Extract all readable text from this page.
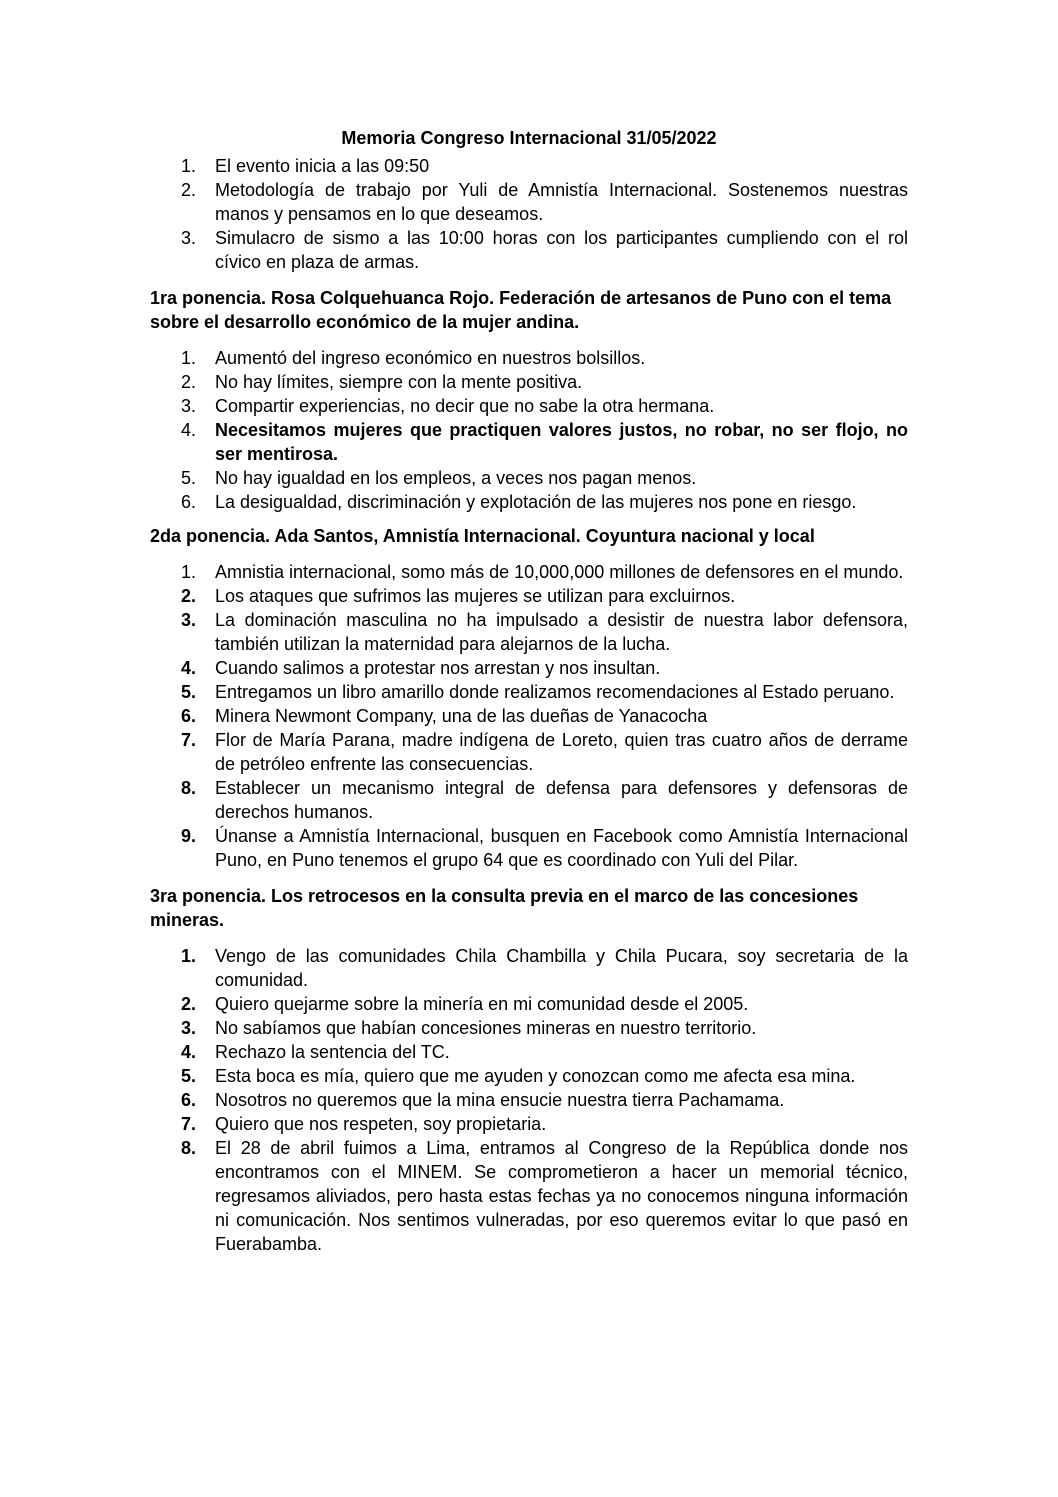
Memoria Congreso Internacional 31/05/2022
1. El evento inicia a las 09:50
2. Metodología de trabajo por Yuli de Amnistía Internacional. Sostenemos nuestras manos y pensamos en lo que deseamos.
3. Simulacro de sismo a las 10:00 horas con los participantes cumpliendo con el rol cívico en plaza de armas.

1ra ponencia. Rosa Colquehuanca Rojo. Federación de artesanos de Puno con el tema sobre el desarrollo económico de la mujer andina.

1. Aumentó del ingreso económico en nuestros bolsillos.
2. No hay límites, siempre con la mente positiva.
3. Compartir experiencias, no decir que no sabe la otra hermana.
4. Necesitamos mujeres que practiquen valores justos, no robar, no ser flojo, no ser mentirosa.
5. No hay igualdad en los empleos, a veces nos pagan menos.
6. La desigualdad, discriminación y explotación de las mujeres nos pone en riesgo.

2da ponencia. Ada Santos, Amnistía Internacional. Coyuntura nacional y local

1. Amnistia internacional, somo más de 10,000,000 millones de defensores en el mundo.
2. Los ataques que sufrimos las mujeres se utilizan para excluirnos.
3. La dominación masculina no ha impulsado a desistir de nuestra labor defensora, también utilizan la maternidad para alejarnos de la lucha.
4. Cuando salimos a protestar nos arrestan y nos insultan.
5. Entregamos un libro amarillo donde realizamos recomendaciones al Estado peruano.
6. Minera Newmont Company, una de las dueñas de Yanacocha
7. Flor de María Parana, madre indígena de Loreto, quien tras cuatro años de derrame de petróleo enfrente las consecuencias.
8. Establecer un mecanismo integral de defensa para defensores y defensoras de derechos humanos.
9. Únanse a Amnistía Internacional, busquen en Facebook como Amnistía Internacional Puno, en Puno tenemos el grupo 64 que es coordinado con Yuli del Pilar.

3ra ponencia. Los retrocesos en la consulta previa en el marco de las concesiones mineras.

1. Vengo de las comunidades Chila Chambilla y Chila Pucara, soy secretaria de la comunidad.
2. Quiero quejarme sobre la minería en mi comunidad desde el 2005.
3. No sabíamos que habían concesiones mineras en nuestro territorio.
4. Rechazo la sentencia del TC.
5. Esta boca es mía, quiero que me ayuden y conozcan como me afecta esa mina.
6. Nosotros no queremos que la mina ensucie nuestra tierra Pachamama.
7. Quiero que nos respeten, soy propietaria.
8. El 28 de abril fuimos a Lima, entramos al Congreso de la República donde nos encontramos con el MINEM. Se comprometieron a hacer un memorial técnico, regresamos aliviados, pero hasta estas fechas ya no conocemos ninguna información ni comunicación. Nos sentimos vulneradas, por eso queremos evitar lo que pasó en Fuerabamba.
